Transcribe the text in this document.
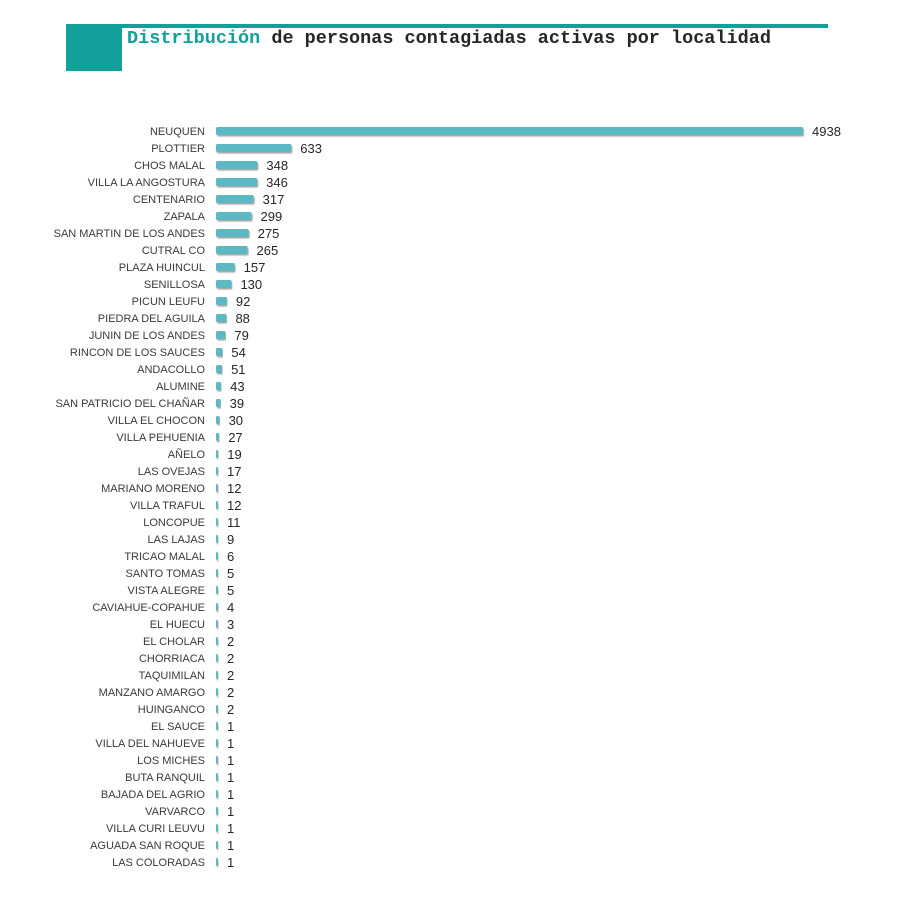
Distribución de personas contagiadas activas por localidad
NEUQUEN	4938
PLOTTIER	633
CHOS MALAL	348
VILLA LA ANGOSTURA	346
CENTENARIO	317
ZAPALA	299
SAN MARTIN DE LOS ANDES	275
CUTRAL CO	265
PLAZA HUINCUL	157
SENILLOSA	130
PICUN LEUFU 92
PIEDRA DEL AGUILA 88
JUNIN DE LOS ANDES 79
RINCON DE LOS SAUCES 54
ANDACOLLO 51
ALUMINE 43
SAN PATRICIO DEL CHAÑAR 39
VILLA EL CHOCON 30
VILLA PEHUENIA 27
AÑELO 19
LAS OVEJAS 17
MARIANO MORENO 12
VILLA TRAFUL 12
LONCOPUE 11
LAS LAJAS 9
TRICAO MALAL 6
SANTO TOMAS 5
VISTA ALEGRE 5
CAVIAHUE-COPAHUE 4
EL HUECU 3
EL CHOLAR 2
CHORRIACA 2
TAQUIMILAN 2
MANZANO AMARGO 2
HUINGANCO 2
EL SAUCE 1
VILLA DEL NAHUEVE 1
LOS MICHES 1
BUTA RANQUIL 1
BAJADA DEL AGRIO 1
VARVARCO 1
VILLA CURI LEUVU 1
AGUADA SAN ROQUE 1
LAS COLORADAS 1
